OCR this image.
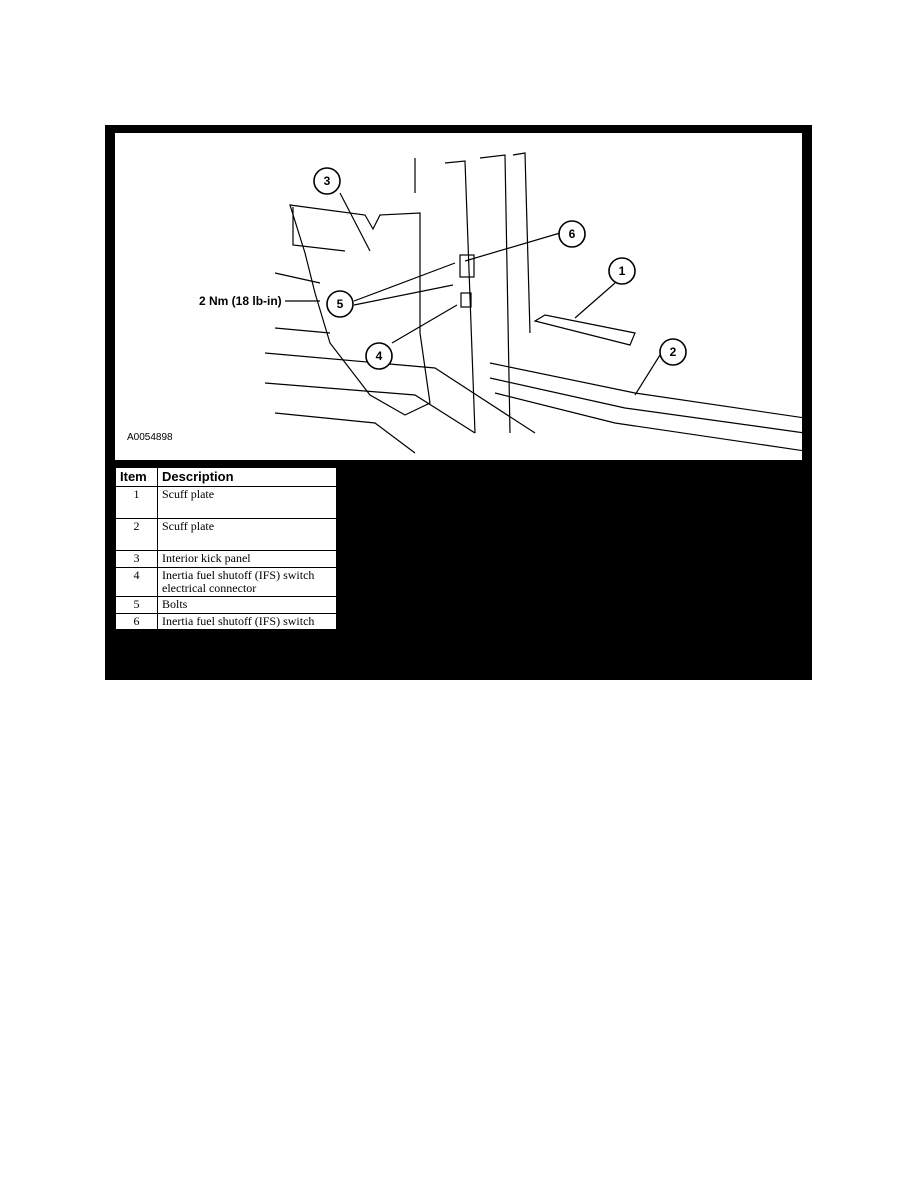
3
6
1
2
5
4
2 Nm (18 lb-in)
A0054898
Item	Description
1	Scuff plate
2	Scuff plate
3	Interior kick panel
4	Inertia fuel shutoff (IFS) switch electrical connector
5	Bolts
6	Inertia fuel shutoff (IFS) switch
